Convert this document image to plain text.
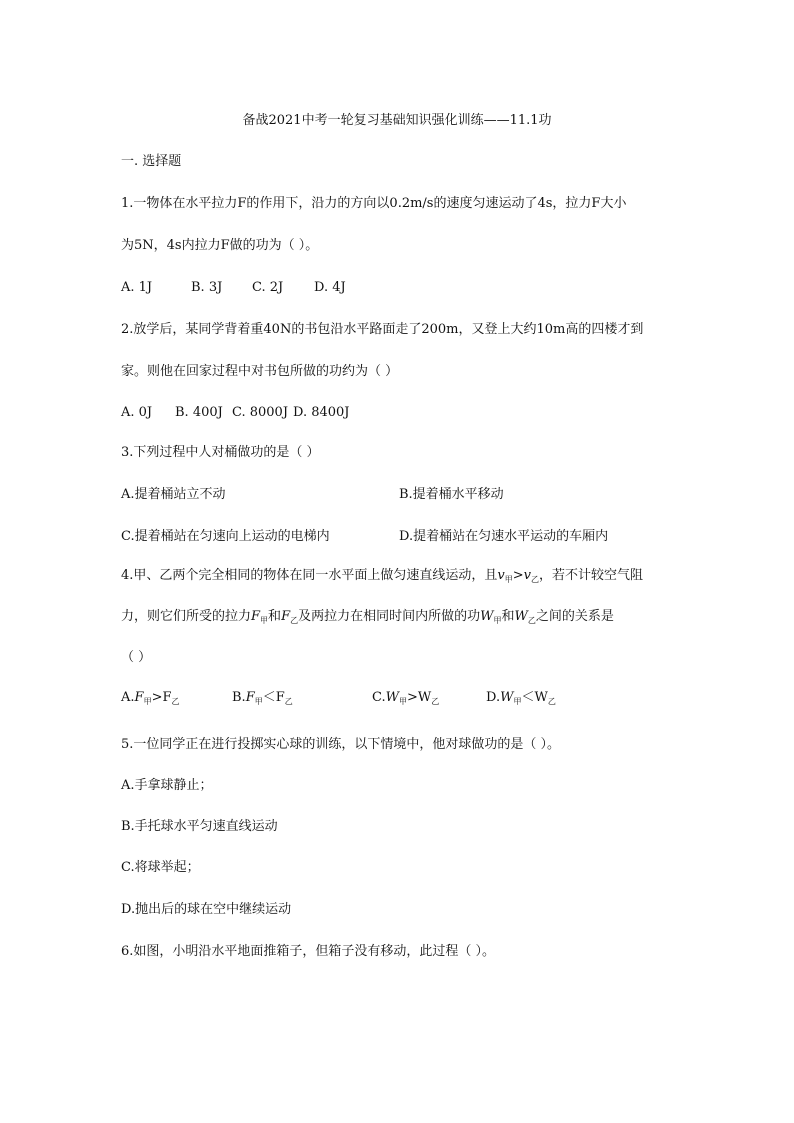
备战2021中考一轮复习基础知识强化训练——11.1功
一. 选择题
1.一物体在水平拉力F的作用下，沿力的方向以0.2m/s的速度匀速运动了4s，拉力F大小
为5N，4s内拉力F做的功为（ ）。
A. 1J	B. 3J C. 2J D. 4J
2.放学后，某同学背着重40N的书包沿水平路面走了200m，又登上大约10m高的四楼才到
家。则他在回家过程中对书包所做的功约为（ ）
A. 0J B. 400J C. 8000J D. 8400J
3.下列过程中人对桶做功的是（ ）
A.提着桶站立不动	B.提着桶水平移动
C.提着桶站在匀速向上运动的电梯内	D.提着桶站在匀速水平运动的车厢内
4.甲、乙两个完全相同的物体在同一水平面上做匀速直线运动，且$v_甲>v_乙$，若不计较空气阻
力，则它们所受的拉力$F_甲$和$F_乙$及两拉力在相同时间内所做的功$W_甲$和$W_乙$之间的关系是
（ ）
$A.F_甲>F_乙$	$B.F_甲<F_乙$	$C.W_甲>W_乙$	$D.W_甲<W_乙$
5.一位同学正在进行投掷实心球的训练，以下情境中，他对球做功的是（ ）。
A.手拿球静止；
B.手托球水平匀速直线运动
C.将球举起；
D.抛出后的球在空中继续运动
6.如图，小明沿水平地面推箱子，但箱子没有移动，此过程（ ）。
